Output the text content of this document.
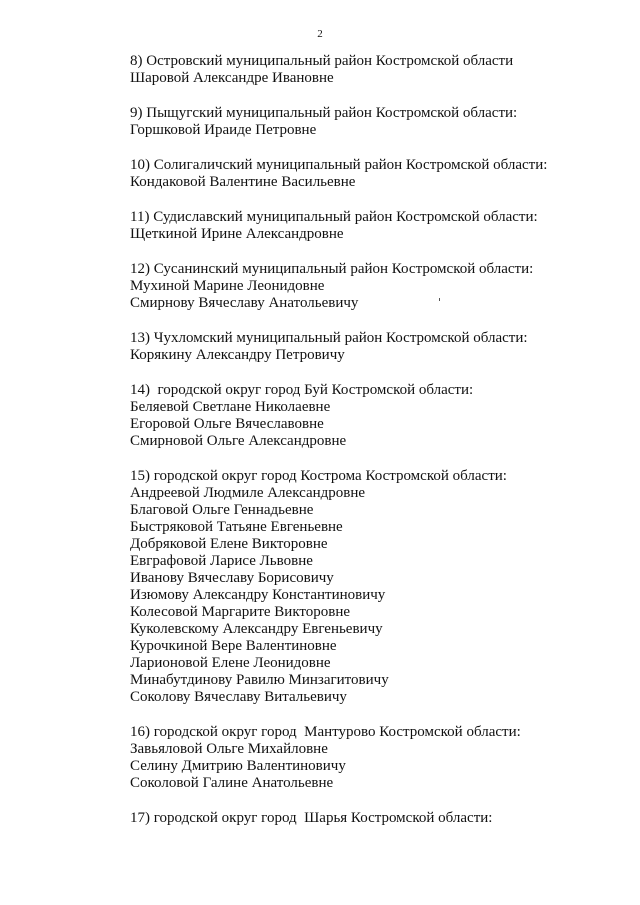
2
8) Островский муниципальный район Костромской области
Шаровой Александре Ивановне
9) Пыщугский муниципальный район Костромской области:
Горшковой Ираиде Петровне
10) Солигаличский муниципальный район Костромской области:
Кондаковой Валентине Васильевне
11) Судиславский муниципальный район Костромской области:
Щеткиной Ирине Александровне
12) Сусанинский муниципальный район Костромской области:
Мухиной Марине Леонидовне
Смирнову Вячеславу Анатольевичу
13) Чухломский муниципальный район Костромской области:
Корякину Александру Петровичу
14)  городской округ город Буй Костромской области:
Беляевой Светлане Николаевне
Егоровой Ольге Вячеславовне
Смирновой Ольге Александровне
15) городской округ город Кострома Костромской области:
Андреевой Людмиле Александровне
Благовой Ольге Геннадьевне
Быстряковой Татьяне Евгеньевне
Добряковой Елене Викторовне
Евграфовой Ларисе Львовне
Иванову Вячеславу Борисовичу
Изюмову Александру Константиновичу
Колесовой Маргарите Викторовне
Куколевскому Александру Евгеньевичу
Курочкиной Вере Валентиновне
Ларионовой Елене Леонидовне
Минабутдинову Равилю Минзагитовичу
Соколову Вячеславу Витальевичу
16) городской округ город  Мантурово Костромской области:
Завьяловой Ольге Михайловне
Селину Дмитрию Валентиновичу
Соколовой Галине Анатольевне
17) городской округ город  Шарья Костромской области:
